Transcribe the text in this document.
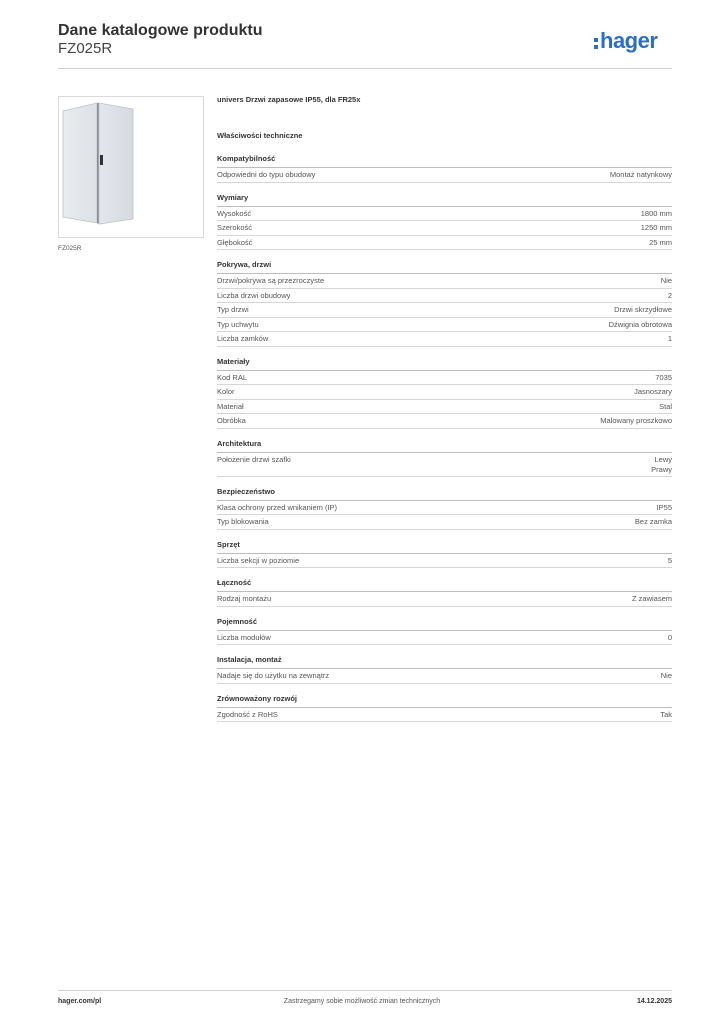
Dane katalogowe produktu
FZ025R	hager
FZ025R
univers Drzwi zapasowe IP55, dla FR25x
Właściwości techniczne
Kompatybilność
Odpowiedni do typu obudowy	Montaż natynkowy
Wymiary
Wysokość	1800 mm
Szerokość	1250 mm
Głębokość	25 mm
Pokrywa, drzwi
Drzwi/pokrywa są przezroczyste	Nie
Liczba drzwi obudowy	2
Typ drzwi	Drzwi skrzydłowe
Typ uchwytu	Dźwignia obrotowa
Liczba zamków	1
Materiały
Kod RAL	7035
Kolor	Jasnoszary
Materiał	Stal
Obróbka	Malowany proszkowo
Architektura
Położenie drzwi szafki	Lewy
Prawy
Bezpieczeństwo
Klasa ochrony przed wnikaniem (IP)	IP55
Typ blokowania	Bez zamka
Sprzęt
Liczba sekcji w poziomie	5
Łączność
Rodzaj montażu	Z zawiasem
Pojemność
Liczba modułów	0
Instalacja, montaż
Nadaje się do użytku na zewnątrz	Nie
Zrównoważony rozwój
Zgodność z RoHS	Tak
hager.com/pl	Zastrzegamy sobie możliwość zmian technicznych	14.12.2025
